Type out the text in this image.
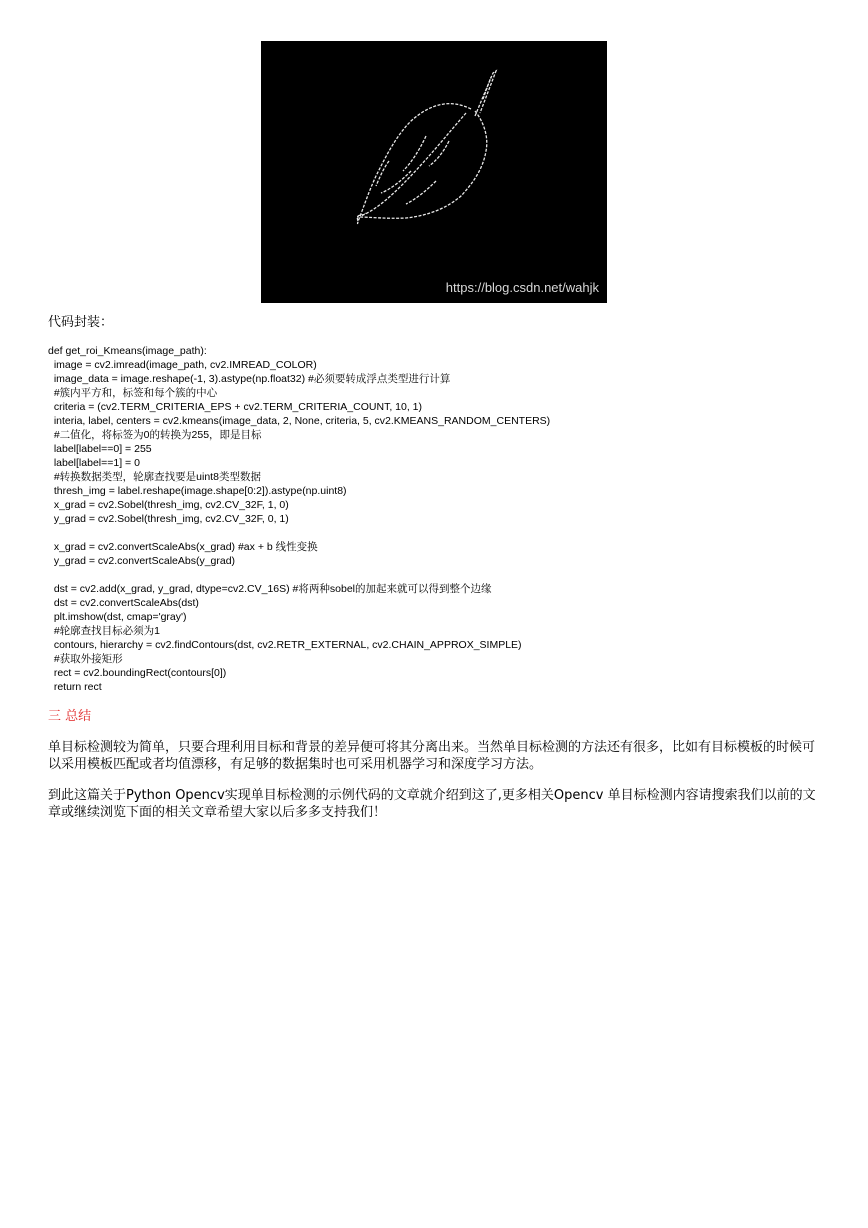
https://blog.csdn.net/wahjk
代码封装：
def get_roi_Kmeans(image_path):
image = cv2.imread(image_path, cv2.IMREAD_COLOR)
image_data = image.reshape(-1, 3).astype(np.float32) #必须要转成浮点类型进行计算
#簇内平方和，标签和每个簇的中心
criteria = (cv2.TERM_CRITERIA_EPS + cv2.TERM_CRITERIA_COUNT, 10, 1)
interia, label, centers = cv2.kmeans(image_data, 2, None, criteria, 5, cv2.KMEANS_RANDOM_CENTERS)
#二值化，将标签为0的转换为255，即是目标
label[label==0] = 255
label[label==1] = 0
#转换数据类型，轮廓查找要是uint8类型数据
thresh_img = label.reshape(image.shape[0:2]).astype(np.uint8)
x_grad = cv2.Sobel(thresh_img, cv2.CV_32F, 1, 0)
y_grad = cv2.Sobel(thresh_img, cv2.CV_32F, 0, 1)
x_grad = cv2.convertScaleAbs(x_grad) #ax + b 线性变换
y_grad = cv2.convertScaleAbs(y_grad)
dst = cv2.add(x_grad, y_grad, dtype=cv2.CV_16S) #将两种sobel的加起来就可以得到整个边缘
dst = cv2.convertScaleAbs(dst)
plt.imshow(dst, cmap='gray')
#轮廓查找目标必须为1
contours, hierarchy = cv2.findContours(dst, cv2.RETR_EXTERNAL, cv2.CHAIN_APPROX_SIMPLE)
#获取外接矩形
rect = cv2.boundingRect(contours[0])
return rect
三 总结
单目标检测较为简单，只要合理利用目标和背景的差异便可将其分离出来。当然单目标检测的方法还有很多，比如有目标模板的时候可以采用模板匹配或者均值漂移，有足够的数据集时也可采用机器学习和深度学习方法。
到此这篇关于Python Opencv实现单目标检测的示例代码的文章就介绍到这了,更多相关Opencv 单目标检测内容请搜索我们以前的文章或继续浏览下面的相关文章希望大家以后多多支持我们！
